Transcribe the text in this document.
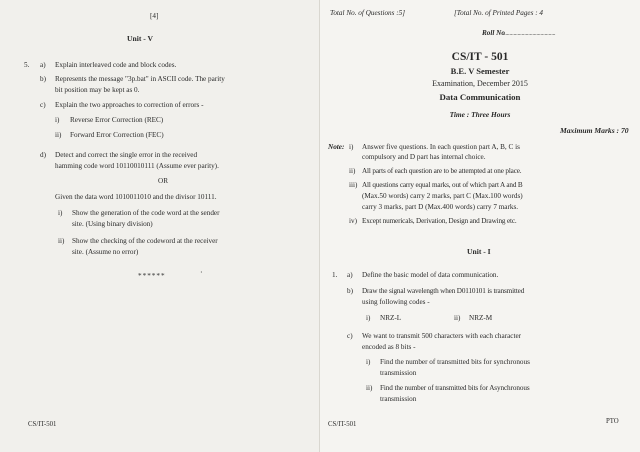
[4]
Unit - V
5. a) Explain interleaved code and block codes.
b) Represents the message "3p.bat" in ASCII code. The parity
bit position may be kept as 0.
c) Explain the two approaches to correction of errors -
i) Reverse Error Correction (REC)
ii) Forward Error Correction (FEC)
d) Detect and correct the single error in the received
hamming code word 10110010111 (Assume ever parity).
OR
Given the data word 1010011010 and the divisor 10111.
i) Show the generation of the code word at the sender
site. (Using binary division)
ii) Show the checking of the codeword at the receiver
site. (Assume no error)
******	·
CS/IT-501
Total No. of Questions :5]	[Total No. of Printed Pages : 4
Roll No ......................................
CS/IT - 501
B.E. V Semester
Examination, December 2015
Data Communication
Time : Three Hours
Maximum Marks : 70
Note: i) Answer five questions. In each question part A, B, C is
compulsory and D part has internal choice.
ii) All parts of each question are to be attempted at one place.
iii) All questions carry equal marks, out of which part A and B
(Max.50 words) carry 2 marks, part C (Max.100 words)
carry 3 marks, part D (Max.400 words) carry 7 marks.
iv) Except numericals, Derivation, Design and Drawing etc.
Unit - I
1. a) Define the basic model of data communication.
b) Draw the signal wavelength when D0110101 is transmitted
using following codes -
i) NRZ-L	ii) NRZ-M
c) We want to transmit 500 characters with each character
encoded as 8 bits -
i) Find the number of transmitted bits for synchronous
transmission
ii) Find the number of transmitted bits for Asynchronous
transmission
CS/IT-501	PTO
